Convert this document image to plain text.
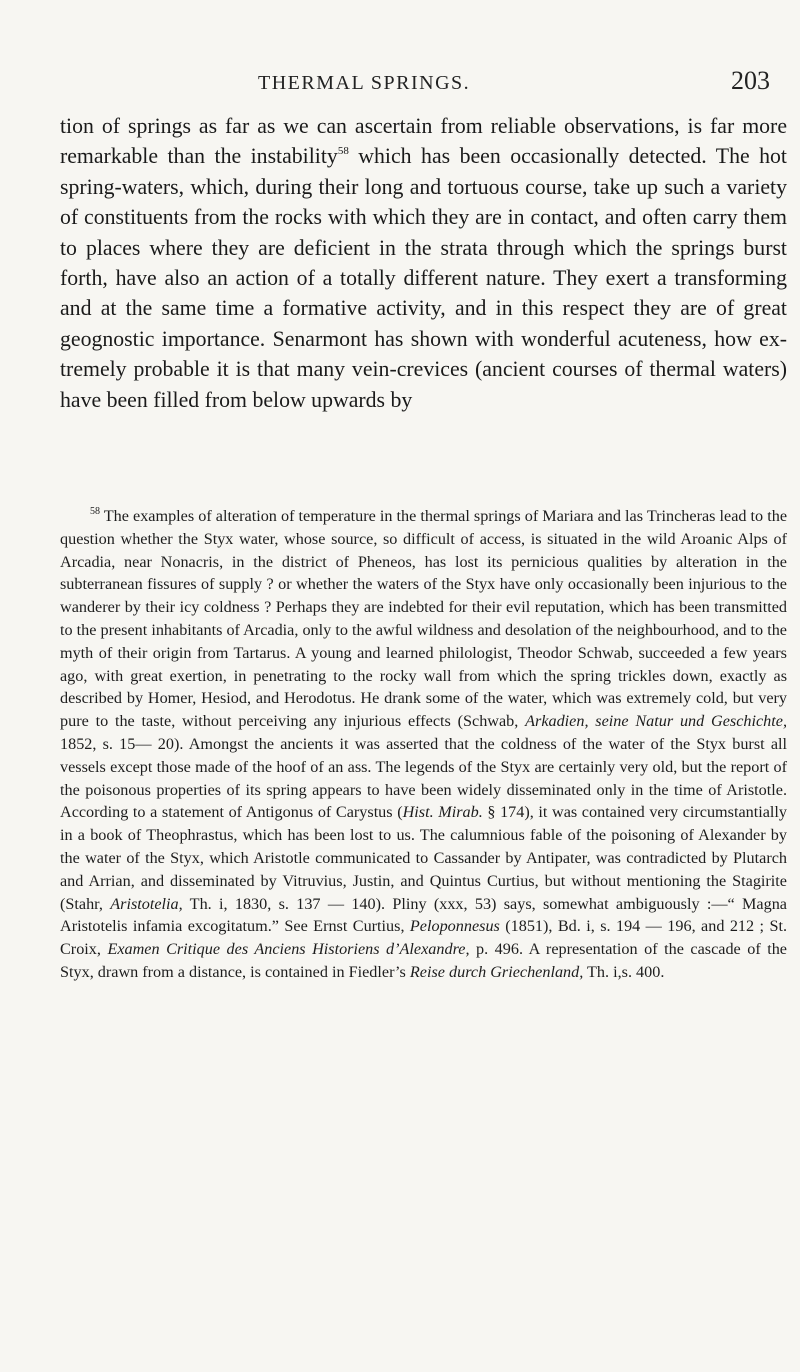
THERMAL SPRINGS.	203

tion of springs as far as we can ascertain from reliable observations, is far more remarkable than the instability$^{58}$ which has been occasionally detected. The hot spring-waters, which, during their long and tortuous course, take up such a variety of constituents from the rocks with which they are in contact, and often carry them to places where they are deficient in the strata through which the springs burst forth, have also an action of a totally different nature. They exert a transforming and at the same time a formative activity, and in this respect they are of great geognostic importance. Senarmont has shown with wonderful acuteness, how extremely probable it is that many vein-crevices (ancient courses of thermal waters) have been filled from below upwards by

$^{58}$ The examples of alteration of temperature in the thermal springs of Mariara and las Trincheras lead to the question whether the Styx water, whose source, so difficult of access, is situated in the wild Aroanic Alps of Arcadia, near Nonacris, in the district of Pheneos, has lost its pernicious qualities by alteration in the subterranean fissures of supply ? or whether the waters of the Styx have only occasionally been injurious to the wanderer by their icy coldness ? Perhaps they are indebted for their evil reputation, which has been transmitted to the present inhabitants of Arcadia, only to the awful wildness and desolation of the neighbourhood, and to the myth of their origin from Tartarus. A young and learned philologist, Theodor Schwab, succeeded a few years ago, with great exertion, in penetrating to the rocky wall from which the spring trickles down, exactly as described by Homer, Hesiod, and Herodotus. He drank some of the water, which was extremely cold, but very pure to the taste, without perceiving any injurious effects (Schwab, Arkadien, seine Natur und Geschichte, 1852, s. 15— 20). Amongst the ancients it was asserted that the coldness of the water of the Styx burst all vessels except those made of the hoof of an ass. The legends of the Styx are certainly very old, but the report of the poisonous properties of its spring appears to have been widely disseminated only in the time of Aristotle. According to a statement of Antigonus of Carystus (Hist. Mirab. § 174), it was contained very circumstantially in a book of Theophrastus, which has been lost to us. The calumnious fable of the poisoning of Alexander by the water of the Styx, which Aristotle communicated to Cassander by Antipater, was contradicted by Plutarch and Arrian, and disseminated by Vitruvius, Justin, and Quintus Curtius, but without mentioning the Stagirite (Stahr, Aristotelia, Th. i, 1830, s. 137 — 140). Pliny (xxx, 53) says, somewhat ambiguously :—“ Magna Aristotelis infamia excogitatum.” See Ernst Curtius, Peloponnesus (1851), Bd. i, s. 194 — 196, and 212 ; St. Croix, Examen Critique des Anciens Historiens d’Alexandre, p. 496. A representation of the cascade of the Styx, drawn from a distance, is contained in Fiedler’s Reise durch Griechenland, Th. i,s. 400.
